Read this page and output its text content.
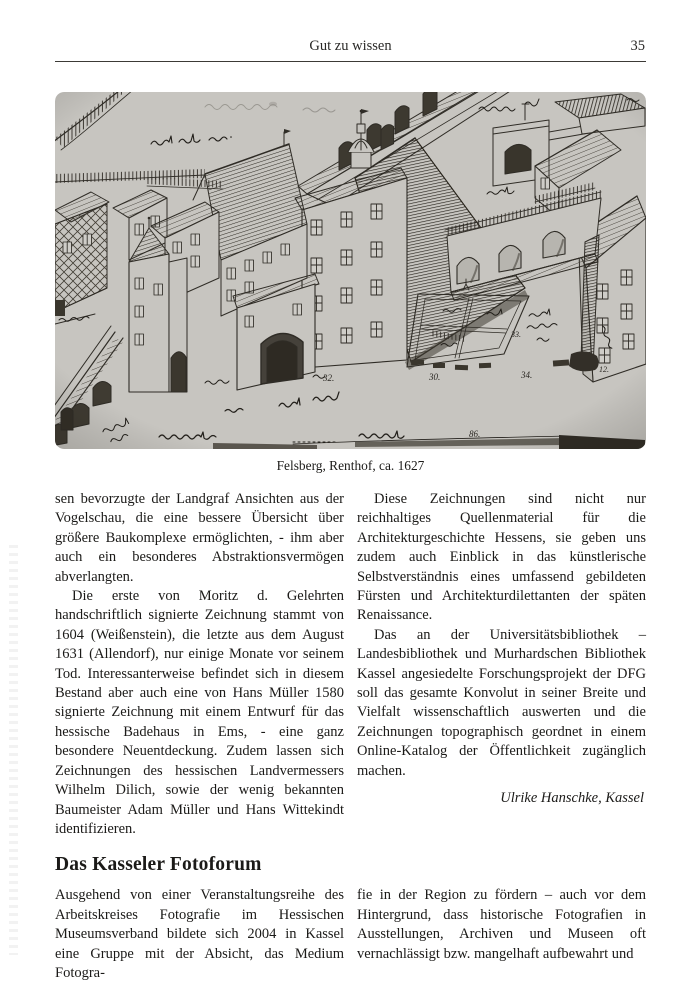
Gut zu wissen	35
Felsberg, Renthof, ca. 1627

sen bevorzugte der Landgraf Ansichten aus der Vogelschau, die eine bessere Übersicht über größere Baukomplexe ermöglichten, - ihm aber auch ein besonderes Abstraktionsvermögen abverlangten.

Die erste von Moritz d. Gelehrten handschriftlich signierte Zeichnung stammt von 1604 (Weißenstein), die letzte aus dem August 1631 (Allendorf), nur einige Monate vor seinem Tod. Interessanterweise befindet sich in diesem Bestand aber auch eine von Hans Müller 1580 signierte Zeichnung mit einem Entwurf für das hessische Badehaus in Ems, - eine ganz besondere Neuentdeckung. Zudem lassen sich Zeichnungen des hessischen Landvermessers Wilhelm Dilich, sowie der wenig bekannten Baumeister Adam Müller und Hans Wittekindt identifizieren.

Diese Zeichnungen sind nicht nur reichhaltiges Quellenmaterial für die Architekturgeschichte Hessens, sie geben uns zudem auch Einblick in das künstlerische Selbstverständnis eines umfassend gebildeten Fürsten und Architekturdilettanten der späten Renaissance.

Das an der Universitätsbibliothek – Landesbibliothek und Murhardschen Bibliothek Kassel angesiedelte Forschungsprojekt der DFG soll das gesamte Konvolut in seiner Breite und Vielfalt wissenschaftlich auswerten und die Zeichnungen topographisch geordnet in einem Online-Katalog der Öffentlichkeit zugänglich machen.

Ulrike Hanschke, Kassel
Das Kasseler Fotoforum

Ausgehend von einer Veranstaltungsreihe des Arbeitskreises Fotografie im Hessischen Museumsverband bildete sich 2004 in Kassel eine Gruppe mit der Absicht, das Medium Fotogra-

fie in der Region zu fördern – auch vor dem Hintergrund, dass historische Fotografien in Ausstellungen, Archiven und Museen oft vernachlässigt bzw. mangelhaft aufbewahrt und
